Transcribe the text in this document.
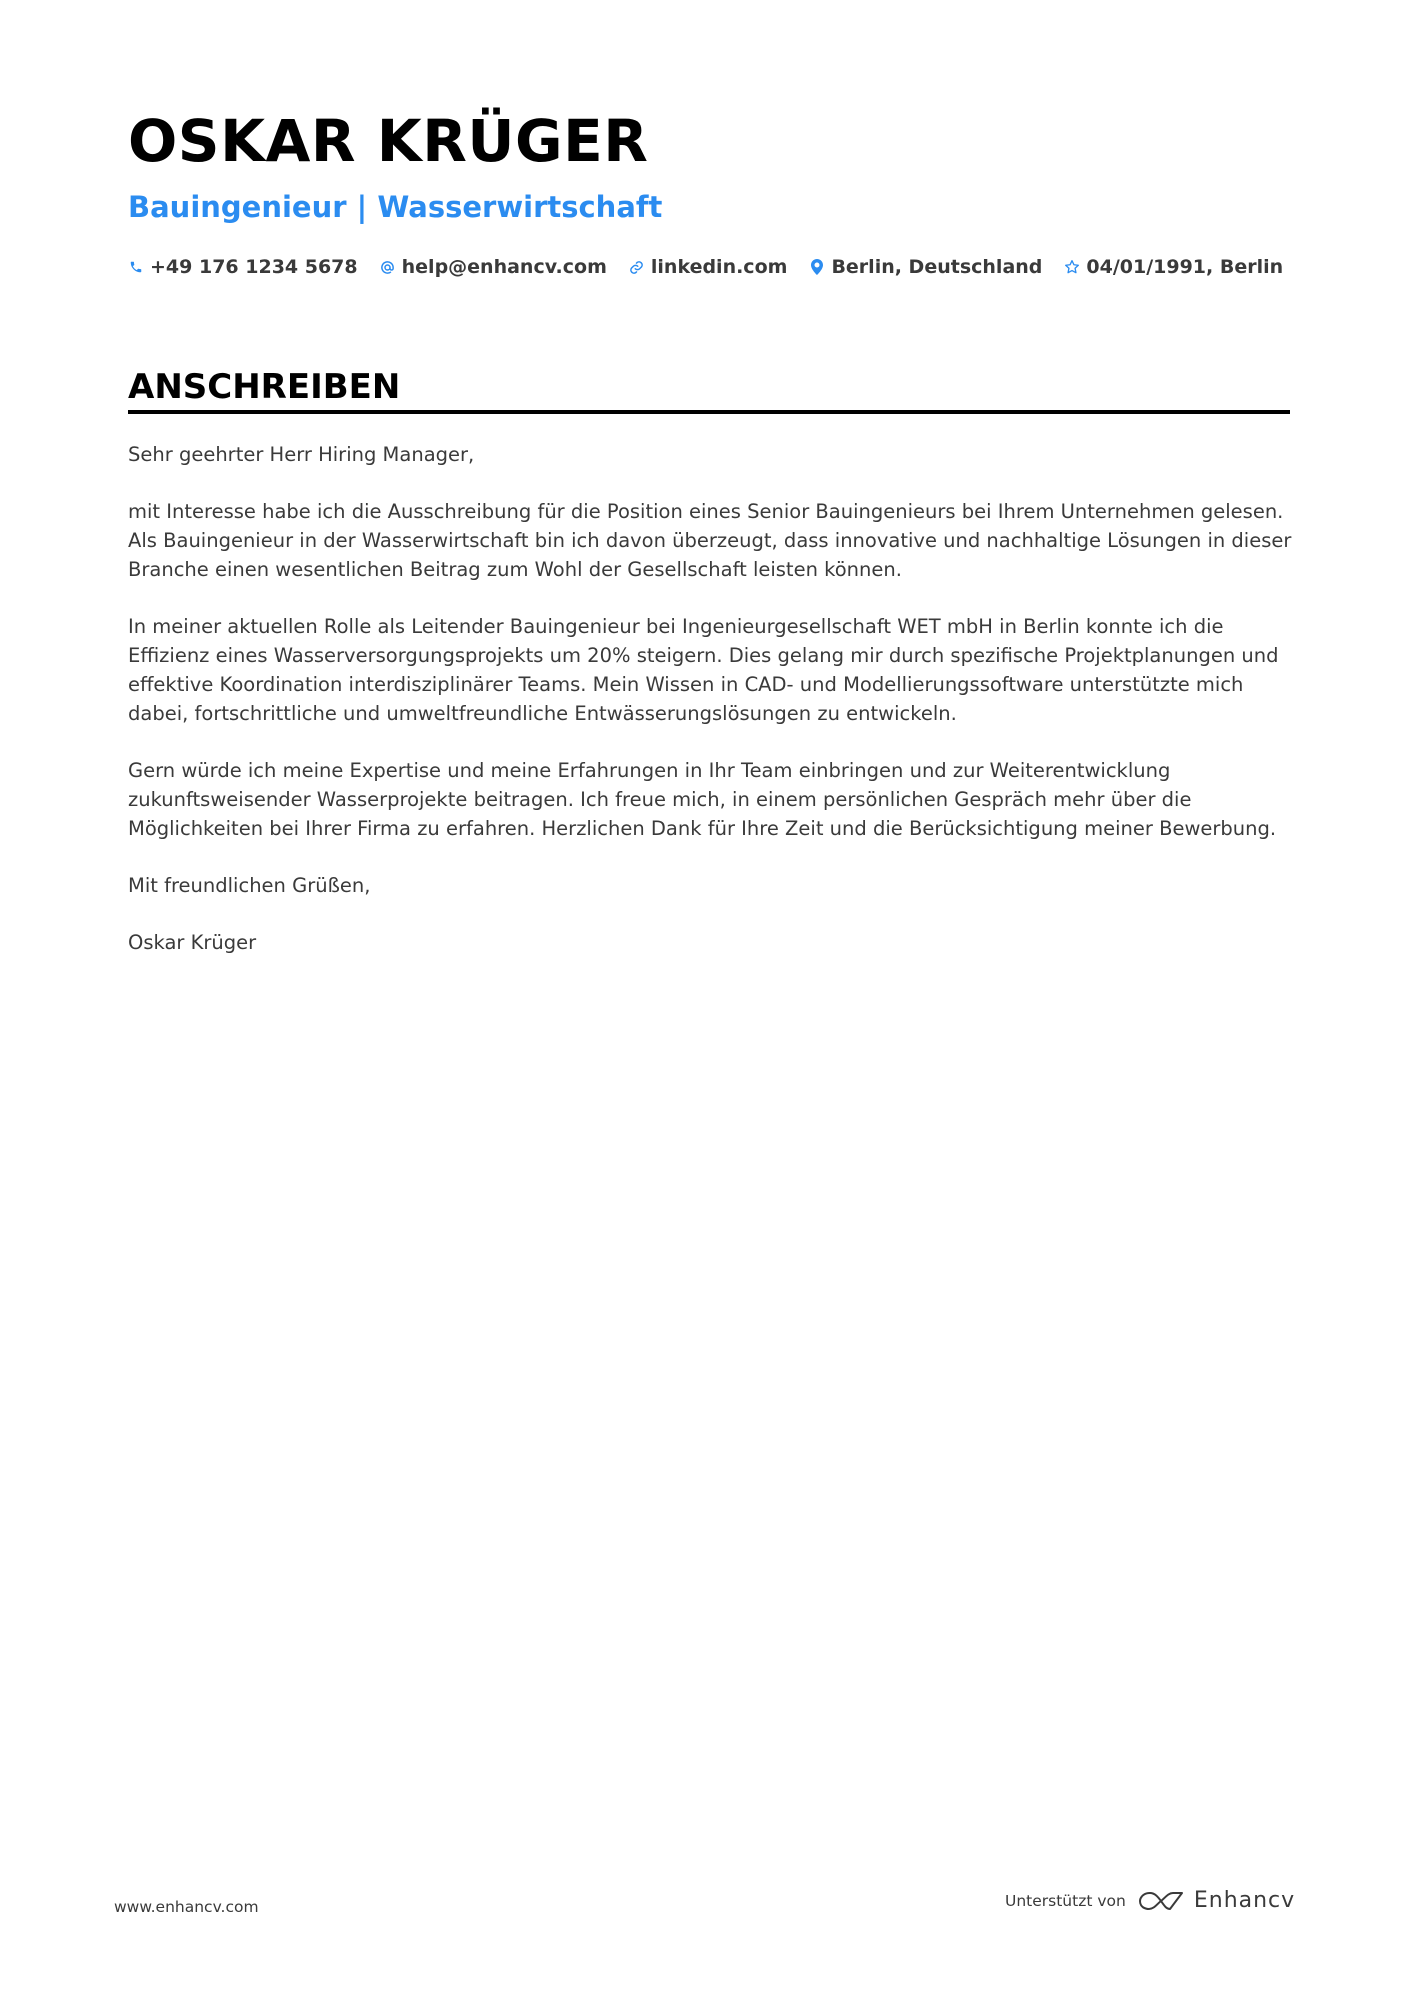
OSKAR KRÜGER
Bauingenieur | Wasserwirtschaft
+49 176 1234 5678 help@enhancv.com linkedin.com Berlin, Deutschland 04/01/1991, Berlin
ANSCHREIBEN

Sehr geehrter Herr Hiring Manager,

mit Interesse habe ich die Ausschreibung für die Position eines Senior Bauingenieurs bei Ihrem Unternehmen gelesen. Als Bauingenieur in der Wasserwirtschaft bin ich davon überzeugt, dass innovative und nachhaltige Lösungen in dieser Branche einen wesentlichen Beitrag zum Wohl der Gesellschaft leisten können.

In meiner aktuellen Rolle als Leitender Bauingenieur bei Ingenieurgesellschaft WET mbH in Berlin konnte ich die Effizienz eines Wasserversorgungsprojekts um 20% steigern. Dies gelang mir durch spezifische Projektplanungen und effektive Koordination interdisziplinärer Teams. Mein Wissen in CAD- und Modellierungssoftware unterstützte mich dabei, fortschrittliche und umweltfreundliche Entwässerungslösungen zu entwickeln.

Gern würde ich meine Expertise und meine Erfahrungen in Ihr Team einbringen und zur Weiterentwicklung zukunftsweisender Wasserprojekte beitragen. Ich freue mich, in einem persönlichen Gespräch mehr über die Möglichkeiten bei Ihrer Firma zu erfahren. Herzlichen Dank für Ihre Zeit und die Berücksichtigung meiner Bewerbung.

Mit freundlichen Grüßen,

Oskar Krüger

www.enhancv.com	Unterstützt von	Enhancv
